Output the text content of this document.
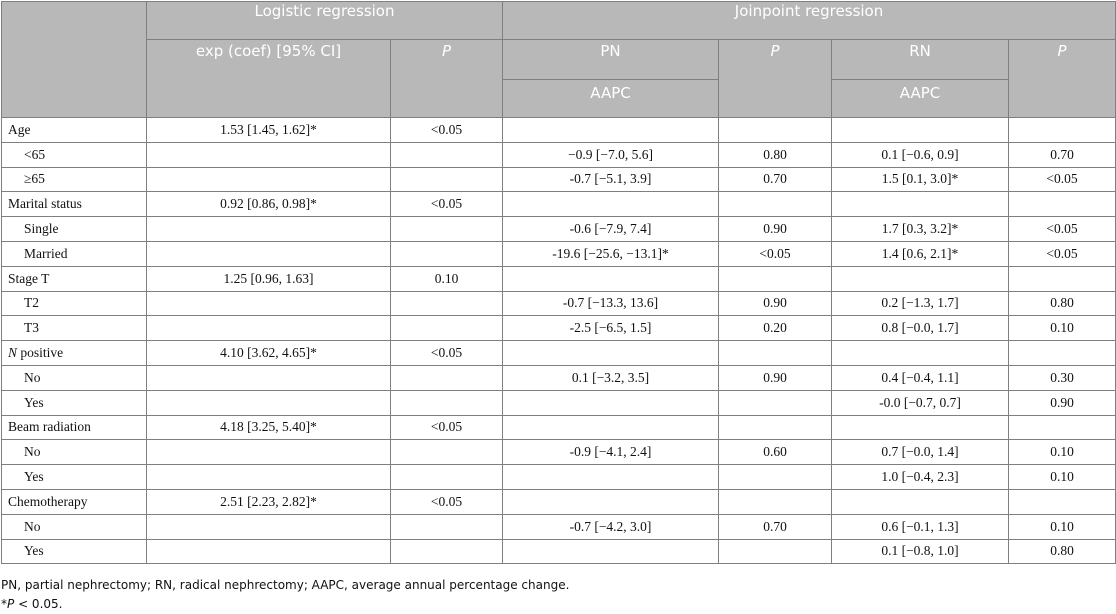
	Logistic regression		Joinpoint regression			
	exp (coef) [95% CI]	P	PN	P	RN	P
			AAPC		AAPC	
Age	1.53 [1.45, 1.62]*	<0.05				
<65			−0.9 [−7.0, 5.6]	0.80	0.1 [−0.6, 0.9]	0.70
≥65			-0.7 [−5.1, 3.9]	0.70	1.5 [0.1, 3.0]*	<0.05
Marital status	0.92 [0.86, 0.98]*	<0.05				
Single			-0.6 [−7.9, 7.4]	0.90	1.7 [0.3, 3.2]*	<0.05
Married			-19.6 [−25.6, −13.1]*	<0.05	1.4 [0.6, 2.1]*	<0.05
Stage T	1.25 [0.96, 1.63]	0.10				
T2			-0.7 [−13.3, 13.6]	0.90	0.2 [−1.3, 1.7]	0.80
T3			-2.5 [−6.5, 1.5]	0.20	0.8 [−0.0, 1.7]	0.10
N positive	4.10 [3.62, 4.65]*	<0.05				
No			0.1 [−3.2, 3.5]	0.90	0.4 [−0.4, 1.1]	0.30
Yes					-0.0 [−0.7, 0.7]	0.90
Beam radiation	4.18 [3.25, 5.40]*	<0.05				
No			-0.9 [−4.1, 2.4]	0.60	0.7 [−0.0, 1.4]	0.10
Yes					1.0 [−0.4, 2.3]	0.10
Chemotherapy	2.51 [2.23, 2.82]*	<0.05				
No			-0.7 [−4.2, 3.0]	0.70	0.6 [−0.1, 1.3]	0.10
Yes					0.1 [−0.8, 1.0]	0.80
PN, partial nephrectomy; RN, radical nephrectomy; AAPC, average annual percentage change.
*P < 0.05.
